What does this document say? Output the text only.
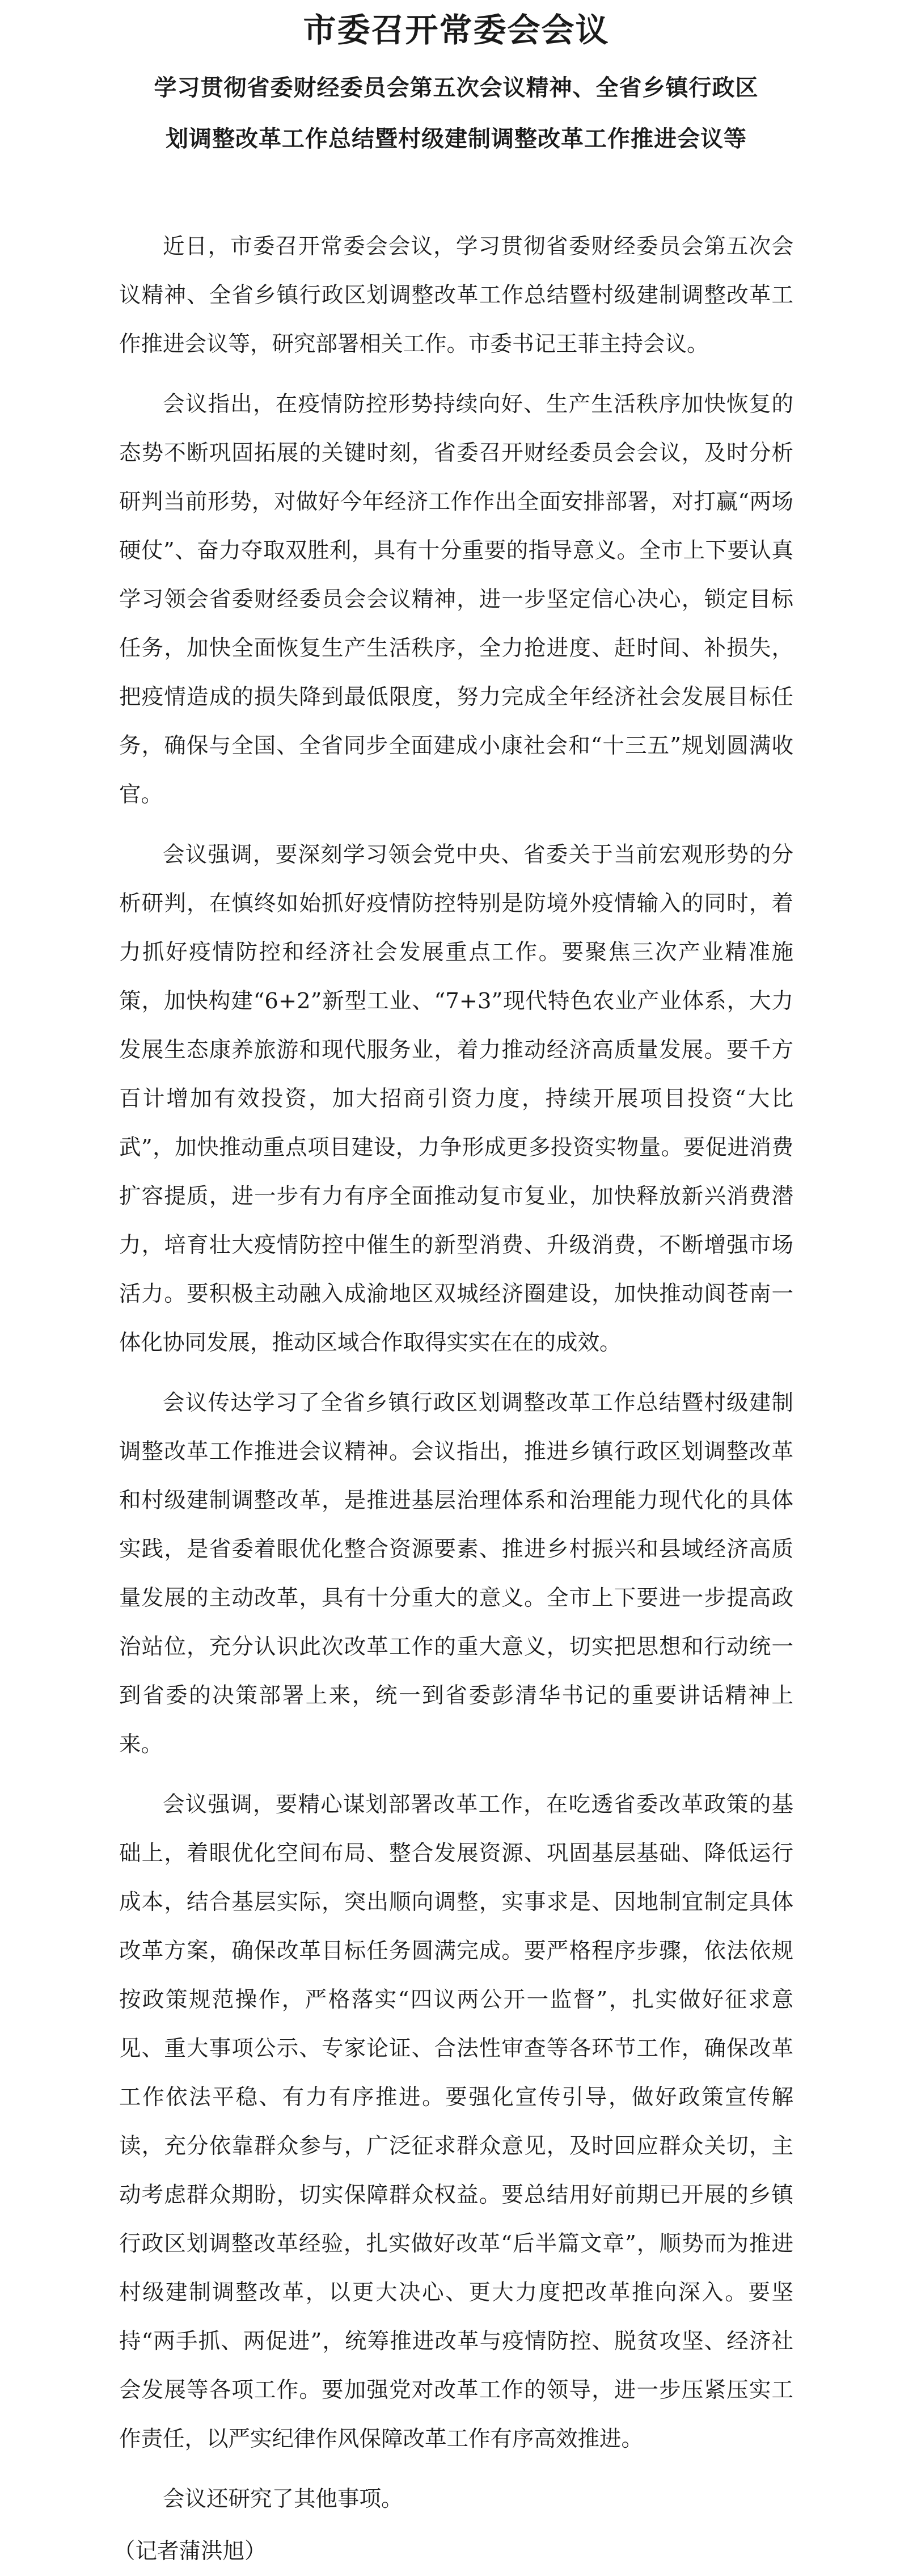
市委召开常委会会议
学习贯彻省委财经委员会第五次会议精神、全省乡镇行政区
划调整改革工作总结暨村级建制调整改革工作推进会议等

近日，市委召开常委会会议，学习贯彻省委财经委员会第五次会议精神、全省乡镇行政区划调整改革工作总结暨村级建制调整改革工作推进会议等，研究部署相关工作。市委书记王菲主持会议。

会议指出，在疫情防控形势持续向好、生产生活秩序加快恢复的态势不断巩固拓展的关键时刻，省委召开财经委员会会议，及时分析研判当前形势，对做好今年经济工作作出全面安排部署，对打赢“两场硬仗”、奋力夺取双胜利，具有十分重要的指导意义。全市上下要认真学习领会省委财经委员会会议精神，进一步坚定信心决心，锁定目标任务，加快全面恢复生产生活秩序，全力抢进度、赶时间、补损失，把疫情造成的损失降到最低限度，努力完成全年经济社会发展目标任务，确保与全国、全省同步全面建成小康社会和“十三五”规划圆满收官。

会议强调，要深刻学习领会党中央、省委关于当前宏观形势的分析研判，在慎终如始抓好疫情防控特别是防境外疫情输入的同时，着力抓好疫情防控和经济社会发展重点工作。要聚焦三次产业精准施策，加快构建“6+2”新型工业、“7+3”现代特色农业产业体系，大力发展生态康养旅游和现代服务业，着力推动经济高质量发展。要千方百计增加有效投资，加大招商引资力度，持续开展项目投资“大比武”，加快推动重点项目建设，力争形成更多投资实物量。要促进消费扩容提质，进一步有力有序全面推动复市复业，加快释放新兴消费潜力，培育壮大疫情防控中催生的新型消费、升级消费，不断增强市场活力。要积极主动融入成渝地区双城经济圈建设，加快推动阆苍南一体化协同发展，推动区域合作取得实实在在的成效。

会议传达学习了全省乡镇行政区划调整改革工作总结暨村级建制调整改革工作推进会议精神。会议指出，推进乡镇行政区划调整改革和村级建制调整改革，是推进基层治理体系和治理能力现代化的具体实践，是省委着眼优化整合资源要素、推进乡村振兴和县域经济高质量发展的主动改革，具有十分重大的意义。全市上下要进一步提高政治站位，充分认识此次改革工作的重大意义，切实把思想和行动统一到省委的决策部署上来，统一到省委彭清华书记的重要讲话精神上来。

会议强调，要精心谋划部署改革工作，在吃透省委改革政策的基础上，着眼优化空间布局、整合发展资源、巩固基层基础、降低运行成本，结合基层实际，突出顺向调整，实事求是、因地制宜制定具体改革方案，确保改革目标任务圆满完成。要严格程序步骤，依法依规按政策规范操作，严格落实“四议两公开一监督”，扎实做好征求意见、重大事项公示、专家论证、合法性审查等各环节工作，确保改革工作依法平稳、有力有序推进。要强化宣传引导，做好政策宣传解读，充分依靠群众参与，广泛征求群众意见，及时回应群众关切，主动考虑群众期盼，切实保障群众权益。要总结用好前期已开展的乡镇行政区划调整改革经验，扎实做好改革“后半篇文章”，顺势而为推进村级建制调整改革，以更大决心、更大力度把改革推向深入。要坚持“两手抓、两促进”，统筹推进改革与疫情防控、脱贫攻坚、经济社会发展等各项工作。要加强党对改革工作的领导，进一步压紧压实工作责任，以严实纪律作风保障改革工作有序高效推进。

会议还研究了其他事项。

（记者蒲洪旭）
